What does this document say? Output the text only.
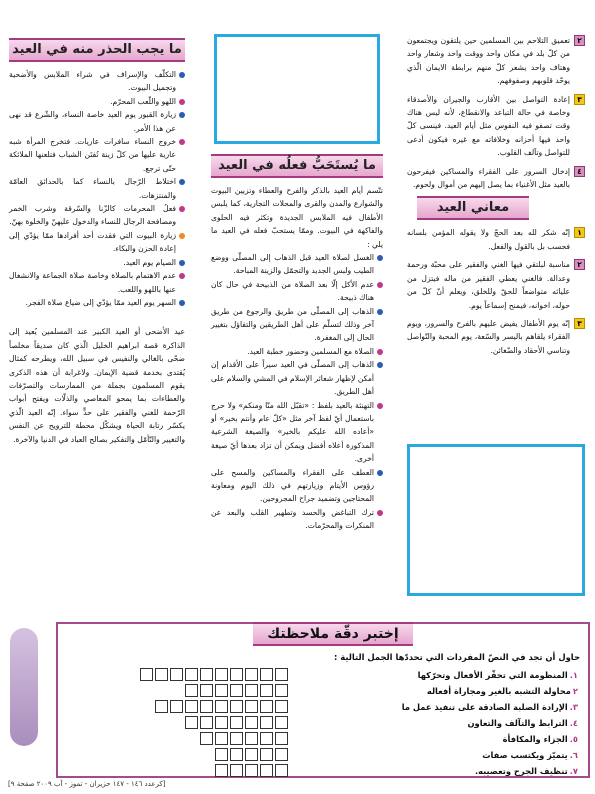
٢
تعميق التلاحم بين المسلمين حين يلتقون ويجتمعون من كلّ بلد في مكان واحد ووقت واحد وشعار واحد وهتاف واحد يشعر كلّ منهم برابطة الايمان الّذي يوحّد قلوبهم وصفوفهم.
٣
إعادة التواصل بين الأقارب والجيران والأصدقاء وخاصة في حالة التباعد والانقطاع، لأنه ليس هناك وقت تصفو فيه النفوس مثل أيام العيد. فينسى كلّ واحد فيها أحزانه وخلافاته مع غيره فيكون أدعى للتواصل وتآلف القلوب.
٤
إدخال السرور على الفقراء والمساكين فيفرحون بالعيد مثل الأغنياء بما يصل إليهم من أموال ولحوم.
معاني العيد
١
إنّه شكر لله بعد الحجّ ولا يقوله المؤمن بلسانه فحسب بل بالقول والفعل.
٢
مناسبة لبلتقي فيها الغني والفقير على محبّة ورحمة وعدالة. فالغني يعطي الفقير من ماله فيتزل من عليائه متواضعاً للحقّ وللخلق، ويعلم أنّ كلّ من حوله، اخوانه، فيمنح إسماعاً يوم.
٣
إنّه يوم الأطفال يفيض عليهم بالفرح والسرور، ويوم الفقراء يلقاهم باليسر والسّعة، يوم المحبة والتّواصل وتناسي الأحقاد والضّغائن.
ما يُستَحَبُّ فعلُه في العيد
تتّسم أيام العيد بالذكر والفرح والعطاء وتزيين البيوت والشوارع والمدن والقرى والمحلات التجارية، كما يلبس الأطفال فيه الملابس الجديدة وتكثر فيه الحلوى والفاكهة في البيوت. وممّا يستحبّ فعله في العيد ما يلي :
الغسل لصلاة العيد قبل الذهاب إلى المصلّى ووضع الطيب ولبس الجديد والتجمّل والزينة المباحة.
عدم الأكل إلّا بعد الصلاة من الذبيحة في حال كان هناك ذبيحة.
الذهاب إلى المصلّى من طريق والرجوع من طريق آخر وذلك لتسلّم على أهل الطريقين والتفاؤل بتغيير الحال إلى المغفرة.
الصلاة مع المسلمين وحضور خطبة العيد.
الذهاب إلى المصلّى في العيد سيراً على الأقدام إن أمكن لإظهار شعائر الإسلام في المشي والسلام على أهل الطريق.
التهنئة بالعيد بلفظ : «تقبّل الله منّا ومنكم» ولا حرج باستعمال أيّ لفظ آخر مثل «كلّ عام وأنتم بخير» أو «أعاده الله عليكم بالخير» والصيغة الشرعية المذكورة أعلاه أفضل ويمكن أن تزاد بعدها أيّ صيغة أخرى.
العطف على الفقراء والمساكين والمسح على رؤوس الأيتام وزيارتهم في ذلك اليوم ومعاونة المحتاجين وتضميد جراح المجروحين.
ترك التباغض والحسد وتطهير القلب والبعد عن المنكرات والمحرّمات.
ما يجب الحذر منه في العيد
التكلّف والإسراف في شراء الملابس والأضحية وتجميل البيوت.
اللهو واللّعب المحرّم.
زيارة القبور يوم العيد خاصة النساء، والشّرع قد نهى عن هذا الأمر.
خروج النساء سافرات عاريات. فتخرج المرأة شبه عارية عليها من كلّ زينة تُفتَن الشباب فتلعنها الملائكة حتّى ترجع.
اختلاط الرّجال بالنساء كما بالحدائق العامّة والمنتزهات.
فعلُ المحرمات كالزّنا والسّرقة وشرب الخمر ومصافحة الرجال للنساء والدخول عليهنّ والخلوة بهنّ.
زيارة البيوت التي فقدت أحد أفرادها ممّا يؤدّي إلى إعادة الحزن والبكاء.
الصيام يوم العيد.
عدم الاهتمام بالصلاة وخاصة صلاة الجماعة والانشغال عنها باللهو واللعب.
السهر يوم العيد ممّا يؤدّي إلى ضياع صلاة الفجر.
عيد الأضحى أو العيد الكبير عند المسلمين يُعيد إلى الذاكرة قصة ابراهيم الخليل الّذي كان صديقاً مخلصاً ضحّى بالغالي والنفيس في سبيل الله، ويطرحه كمثال يُقتدى بخدمة قضية الإيمان. ولاغرابة أن هذه الذكرى يقوم المسلمون بجملة من الممارسات والتصرّفات والعطاءات بما يمحو المعاصي والذلّات ويفتح أبواب الرّحمة للغني والفقير على حدٍّ سواء. إنّه العيد الّذي يكسّر رتابة الحياة ويشكّل محطة للترويح عن النفس والتغيير والتّأمّل والتفكير بصالح العباد في الدنيا والآخرة.
إختبر دقّة ملاحظتك
حاول أن تجد في النصّ المفردات التي تحددّها الجمل التالية :
١.
المنظومة التي تحقّر الأفعال وتحرّكها
٢
محاولة التشبه بالغير ومجاراة أفعاله
٣.
الإرادة الصلبة الصادقة على تنفيذ عمل ما
٤.
الترابط والتآلف والتعاون
٥.
الجزاء والمكافأة
٦.
يتميّز ويكتسب صفات
٧.
تنظيف الجرح وتعصيبه.
[كرعدد ١٤٦ - ١٤٧ حزيران - تموز - آب ٢٠٠٩ صفحة ٩]
